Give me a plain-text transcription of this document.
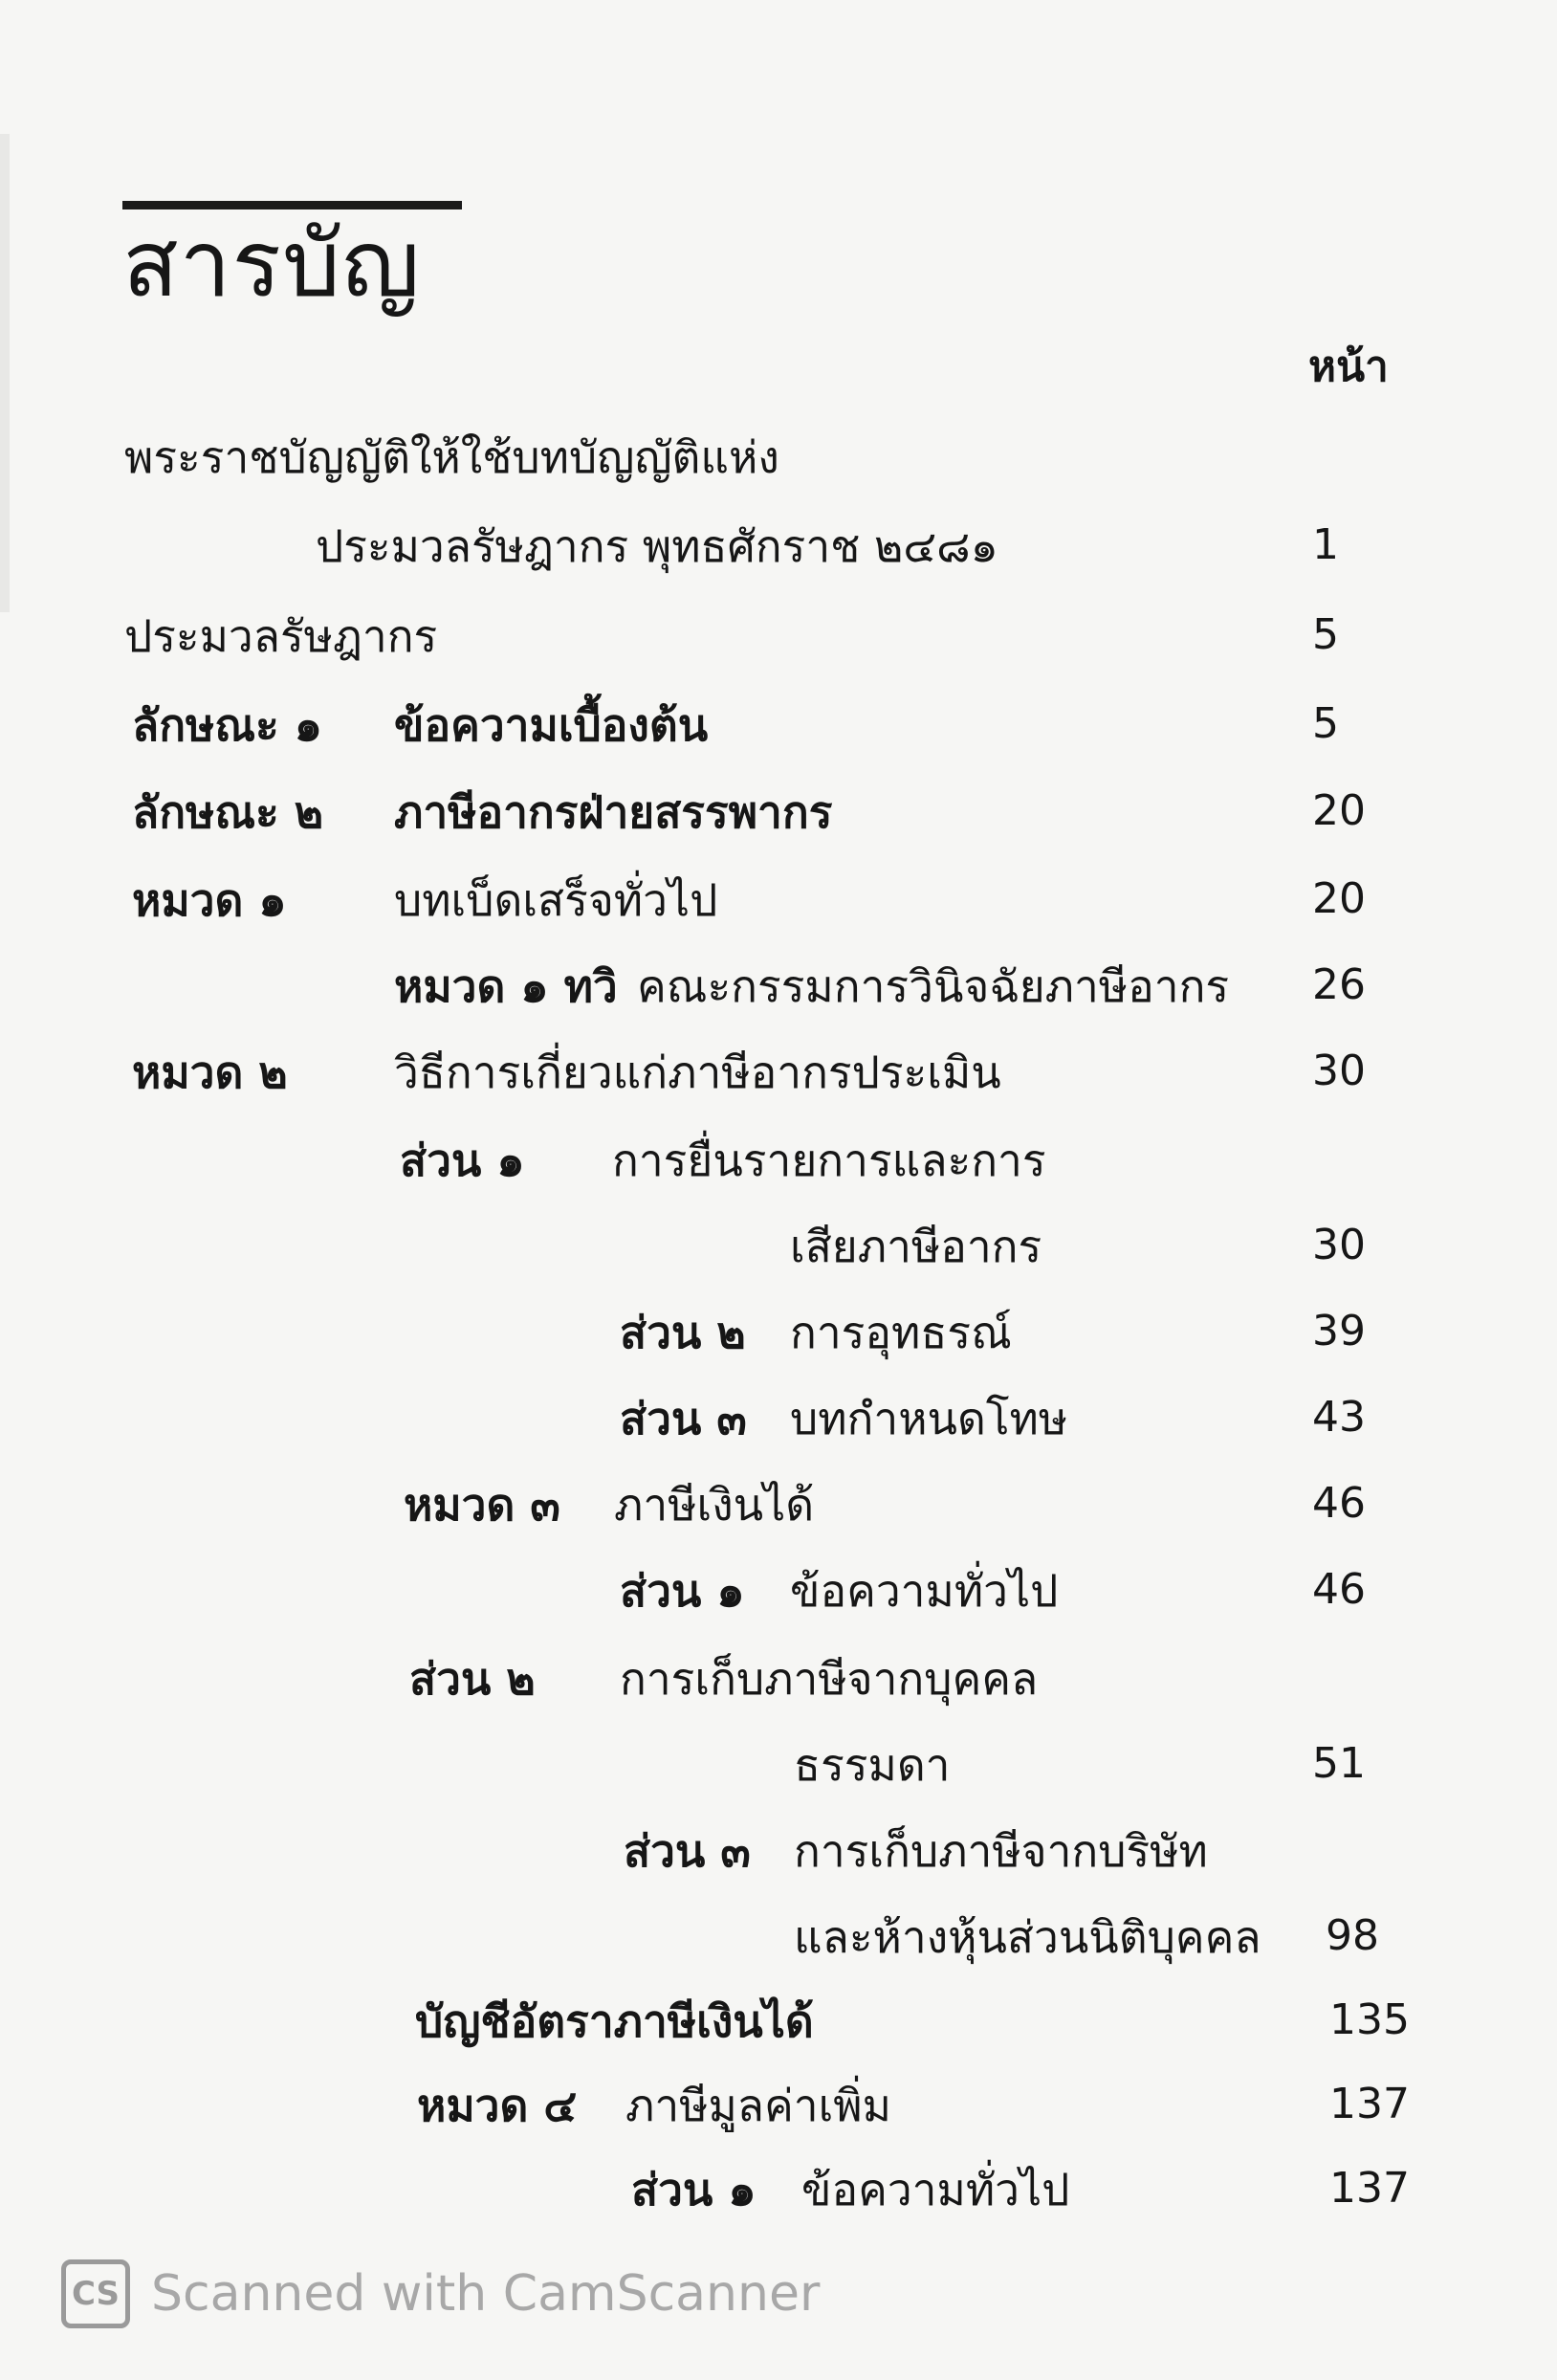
สารบัญ
หน้า
พระราชบัญญัติให้ใช้บทบัญญัติแห่ง
ประมวลรัษฎากร พุทธศักราช ๒๔๘๑	1
ประมวลรัษฎากร	5
ลักษณะ ๑ ข้อความเบื้องต้น	5
ลักษณะ ๒ ภาษีอากรฝ่ายสรรพากร	20
หมวด ๑ บทเบ็ดเสร็จทั่วไป	20
หมวด ๑ ทวิ คณะกรรมการวินิจฉัยภาษีอากร 26
หมวด ๒ วิธีการเกี่ยวแก่ภาษีอากรประเมิน	30
ส่วน ๑ การยื่นรายการและการ
เสียภาษีอากร	30
ส่วน ๒ การอุทธรณ์	39
ส่วน ๓ บทกำหนดโทษ	43
หมวด ๓ ภาษีเงินได้	46
ส่วน ๑ ข้อความทั่วไป	46
ส่วน ๒ การเก็บภาษีจากบุคคล
ธรรมดา	51
ส่วน ๓ การเก็บภาษีจากบริษัท
และห้างหุ้นส่วนนิติบุคคล 98
บัญชีอัตราภาษีเงินได้	135
หมวด ๔ ภาษีมูลค่าเพิ่ม	137
ส่วน ๑ ข้อความทั่วไป	137
CS Scanned with CamScanner
